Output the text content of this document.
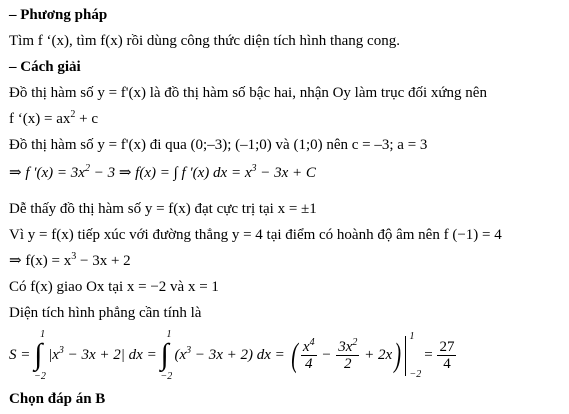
– Phương pháp
Tìm f ‘(x), tìm f(x) rồi dùng công thức diện tích hình thang cong.
– Cách giải
Đồ thị hàm số y = f'(x) là đồ thị hàm số bậc hai, nhận Oy làm trục đối xứng nên
f ‘$(x) = ax^2 + c$
Đồ thị hàm số y = f'(x) đi qua (0;–3); (–1;0) và (1;0) nên c = –3; a = 3
⇒ f $'(x) = 3x^2 - 3$ ⇒ f(x) = ∫ f ′(x) dx = $x^3 - 3x + C$
Dễ thấy đồ thị hàm số y = f(x) đạt cực trị tại x = ±1
Vì y = f(x) tiếp xúc với đường thẳng y = 4 tại điểm có hoành độ âm nên f (−1) = 4
⇒ $f(x) = x^3 - 3x + 2$
Có f(x) giao Ox tại x = −2 và x = 1
Diện tích hình phẳng cần tính là
S = ∫
1
−2
$|x^3 - 3x + 2|$ dx = ∫
1
−2
$(x^3 - 3x + 2)$ dx = ( $\frac{x^4}{4} - \frac{3x^2}{2} + 2x$)
1
−2
= $\frac{27}{4}$
Chọn đáp án B
